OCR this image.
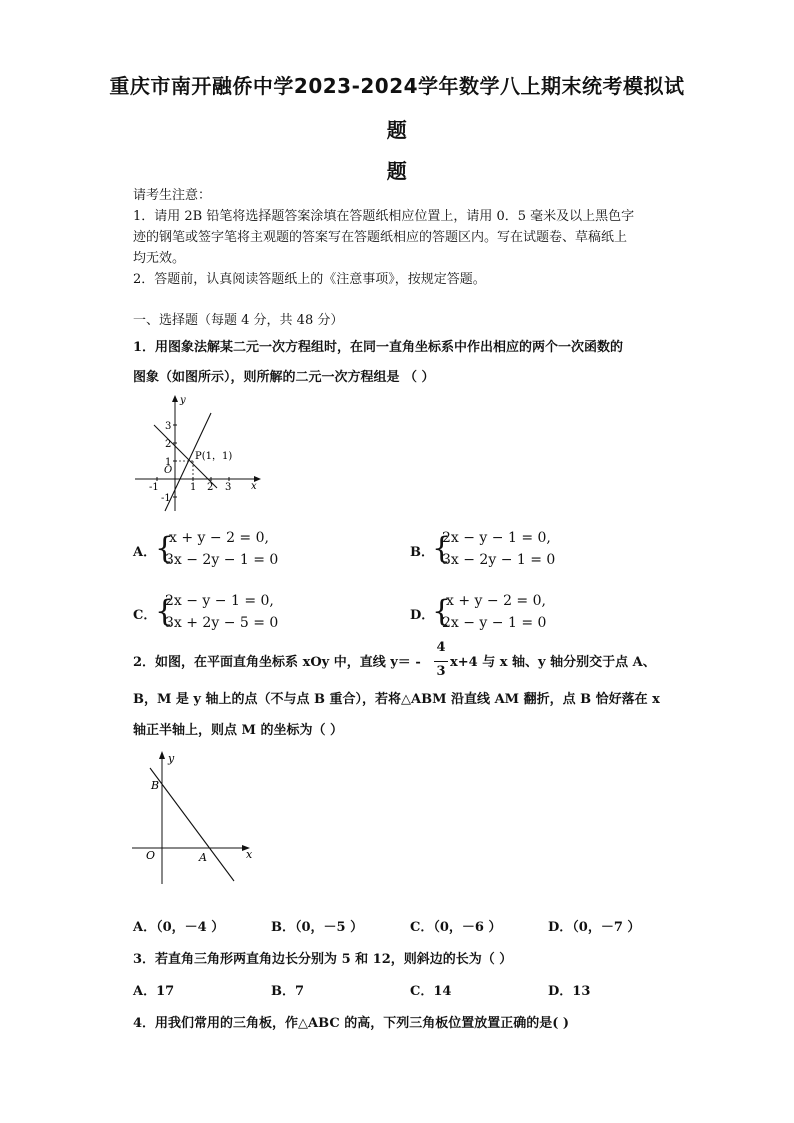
重庆市南开融侨中学2023-2024学年数学八上期末统考模拟试
题
题
请考生注意：
1．请用 2B 铅笔将选择题答案涂填在答题纸相应位置上，请用 0．5 毫米及以上黑色字
迹的钢笔或签字笔将主观题的答案写在答题纸相应的答题区内。写在试题卷、草稿纸上
均无效。
2．答题前，认真阅读答题纸上的《注意事项》，按规定答题。
一、选择题（每题 4 分，共 48 分）
1．用图象法解某二元一次方程组时，在同一直角坐标系中作出相应的两个一次函数的
图象（如图所示），则所解的二元一次方程组是 （ ）
y
x
O
P(1，1)
3
2
1
-1
-1	1 2 3
A．
{
x + y − 2 = 0,
3x − 2y − 1 = 0	B．
{
2x − y − 1 = 0,
3x − 2y − 1 = 0
C．
{
2x − y − 1 = 0,
3x + 2y − 5 = 0	D．
{
x + y − 2 = 0,
2x − y − 1 = 0
2．如图，在平面直角坐标系 xOy 中，直线 y＝ -
4
3
x+4 与 x 轴、y 轴分别交于点 A、
B，M 是 y 轴上的点（不与点 B 重合），若将△ABM 沿直线 AM 翻折，点 B 恰好落在 x
轴正半轴上，则点 M 的坐标为（ ）
y
x
O
B
A
A．（0，－4 ）	B．（0，－5 ）	C．（0，－6 ）	D．（0，－7 ）
3．若直角三角形两直角边长分别为 5 和 12，则斜边的长为（ ）
A．17	B．7	C．14	D．13
4．用我们常用的三角板，作△ABC 的高，下列三角板位置放置正确的是( )
